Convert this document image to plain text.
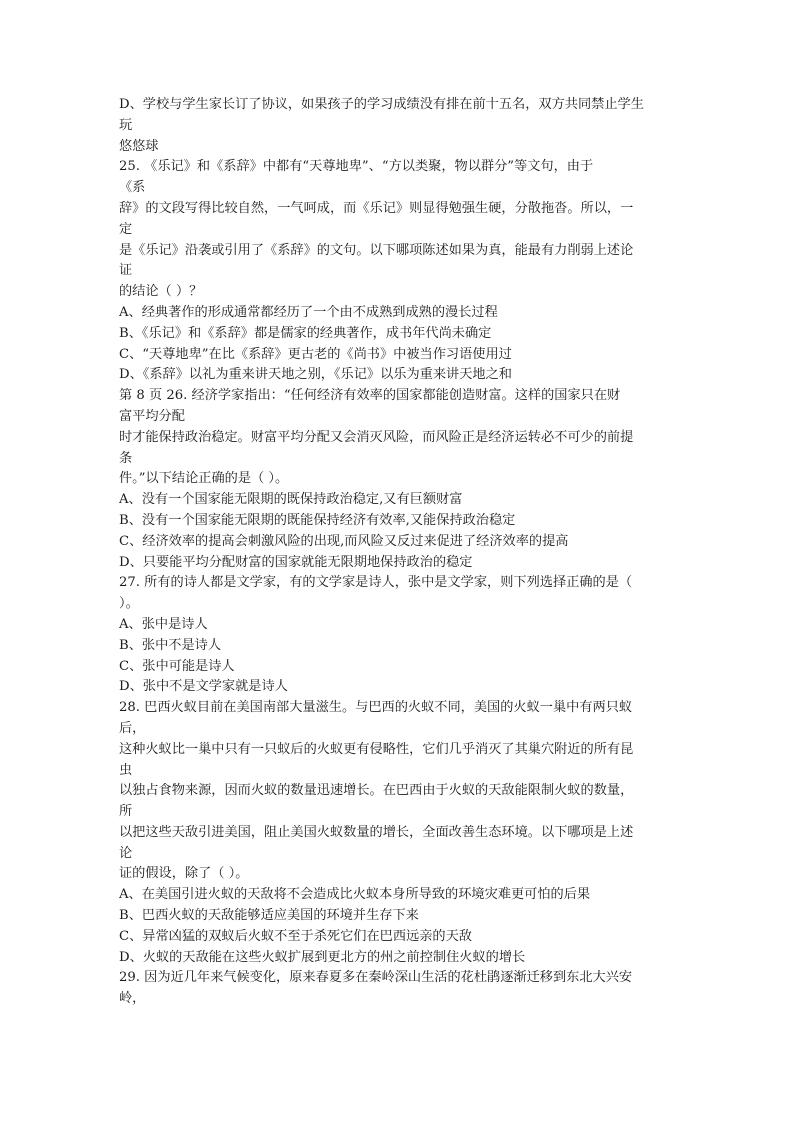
D、学校与学生家长订了协议，如果孩子的学习成绩没有排在前十五名，双方共同禁止学生
玩
悠悠球
25. 《乐记》和《系辞》中都有“天尊地卑”、“方以类聚，物以群分”等文句，由于
《系
辞》的文段写得比较自然，一气呵成，而《乐记》则显得勉强生硬，分散拖沓。所以，一
定
是《乐记》沿袭或引用了《系辞》的文句。以下哪项陈述如果为真，能最有力削弱上述论
证
的结论（ ）？
A、经典著作的形成通常都经历了一个由不成熟到成熟的漫长过程
B、《乐记》和《系辞》都是儒家的经典著作，成书年代尚未确定
C、“天尊地卑”在比《系辞》更古老的《尚书》中被当作习语使用过
D、《系辞》以礼为重来讲天地之别，《乐记》以乐为重来讲天地之和
第 8 页 26. 经济学家指出：“任何经济有效率的国家都能创造财富。这样的国家只在财
富平均分配
时才能保持政治稳定。财富平均分配又会消灭风险，而风险正是经济运转必不可少的前提
条
件。”以下结论正确的是（ ）。
A、没有一个国家能无限期的既保持政治稳定,又有巨额财富
B、没有一个国家能无限期的既能保持经济有效率,又能保持政治稳定
C、经济效率的提高会刺激风险的出现,而风险又反过来促进了经济效率的提高
D、只要能平均分配财富的国家就能无限期地保持政治的稳定
27. 所有的诗人都是文学家，有的文学家是诗人，张中是文学家，则下列选择正确的是（
）。
A、张中是诗人
B、张中不是诗人
C、张中可能是诗人
D、张中不是文学家就是诗人
28. 巴西火蚁目前在美国南部大量滋生。与巴西的火蚁不同，美国的火蚁一巢中有两只蚁
后，
这种火蚁比一巢中只有一只蚁后的火蚁更有侵略性，它们几乎消灭了其巢穴附近的所有昆
虫
以独占食物来源，因而火蚁的数量迅速增长。在巴西由于火蚁的天敌能限制火蚁的数量，
所
以把这些天敌引进美国，阻止美国火蚁数量的增长，全面改善生态环境。以下哪项是上述
论
证的假设，除了（ ）。
A、在美国引进火蚁的天敌将不会造成比火蚁本身所导致的环境灾难更可怕的后果
B、巴西火蚁的天敌能够适应美国的环境并生存下来
C、异常凶猛的双蚁后火蚁不至于杀死它们在巴西远亲的天敌
D、火蚁的天敌能在这些火蚁扩展到更北方的州之前控制住火蚁的增长
29. 因为近几年来气候变化，原来春夏多在秦岭深山生活的花杜鹃逐渐迁移到东北大兴安
岭，
